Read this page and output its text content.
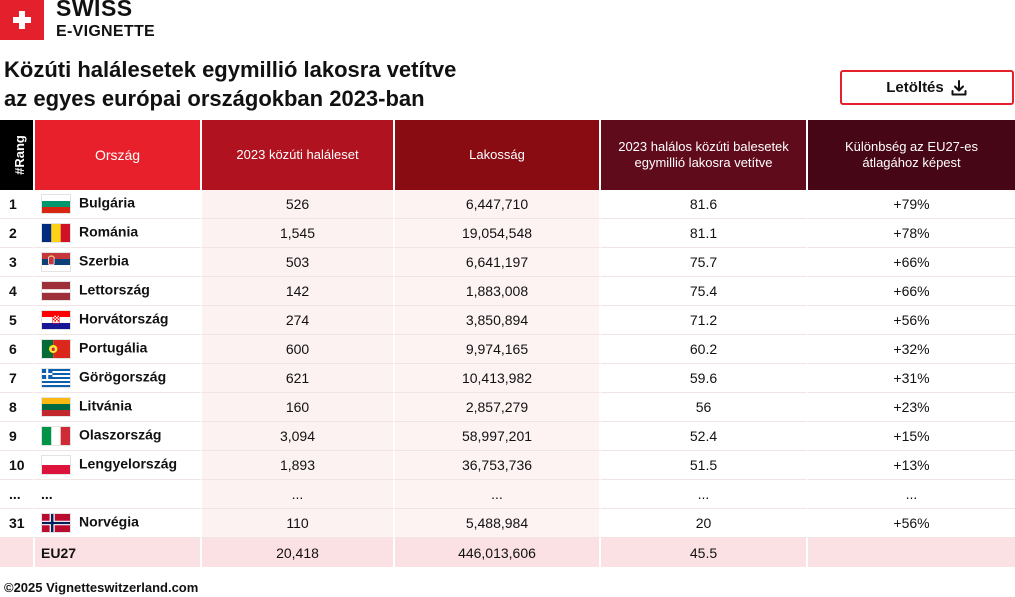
SWISS
E-VIGNETTE
Közúti halálesetek egymillió lakosra vetítve
az egyes európai országokban 2023-ban	Letöltés
#Rang	Ország	2023 közúti haláleset	Lakosság	2023 halálos közúti balesetek egymillió lakosra vetítve	Különbség az EU27-es átlagához képest
1	Bulgária	526	6,447,710	81.6	+79%
2	Románia	1,545	19,054,548	81.1	+78%
3	Szerbia	503	6,641,197	75.7	+66%
4	Lettország	142	1,883,008	75.4	+66%
5	Horvátország	274	3,850,894	71.2	+56%
6	Portugália	600	9,974,165	60.2	+32%
7	Görögország	621	10,413,982	59.6	+31%
8	Litvánia	160	2,857,279	56	+23%
9	Olaszország	3,094	58,997,201	52.4	+15%
10	Lengyelország	1,893	36,753,736	51.5	+13%
...	...	...	...	...	...
31	Norvégia	110	5,488,984	20	+56%
	EU27	20,418	446,013,606	45.5	
©2025 Vignetteswitzerland.com
